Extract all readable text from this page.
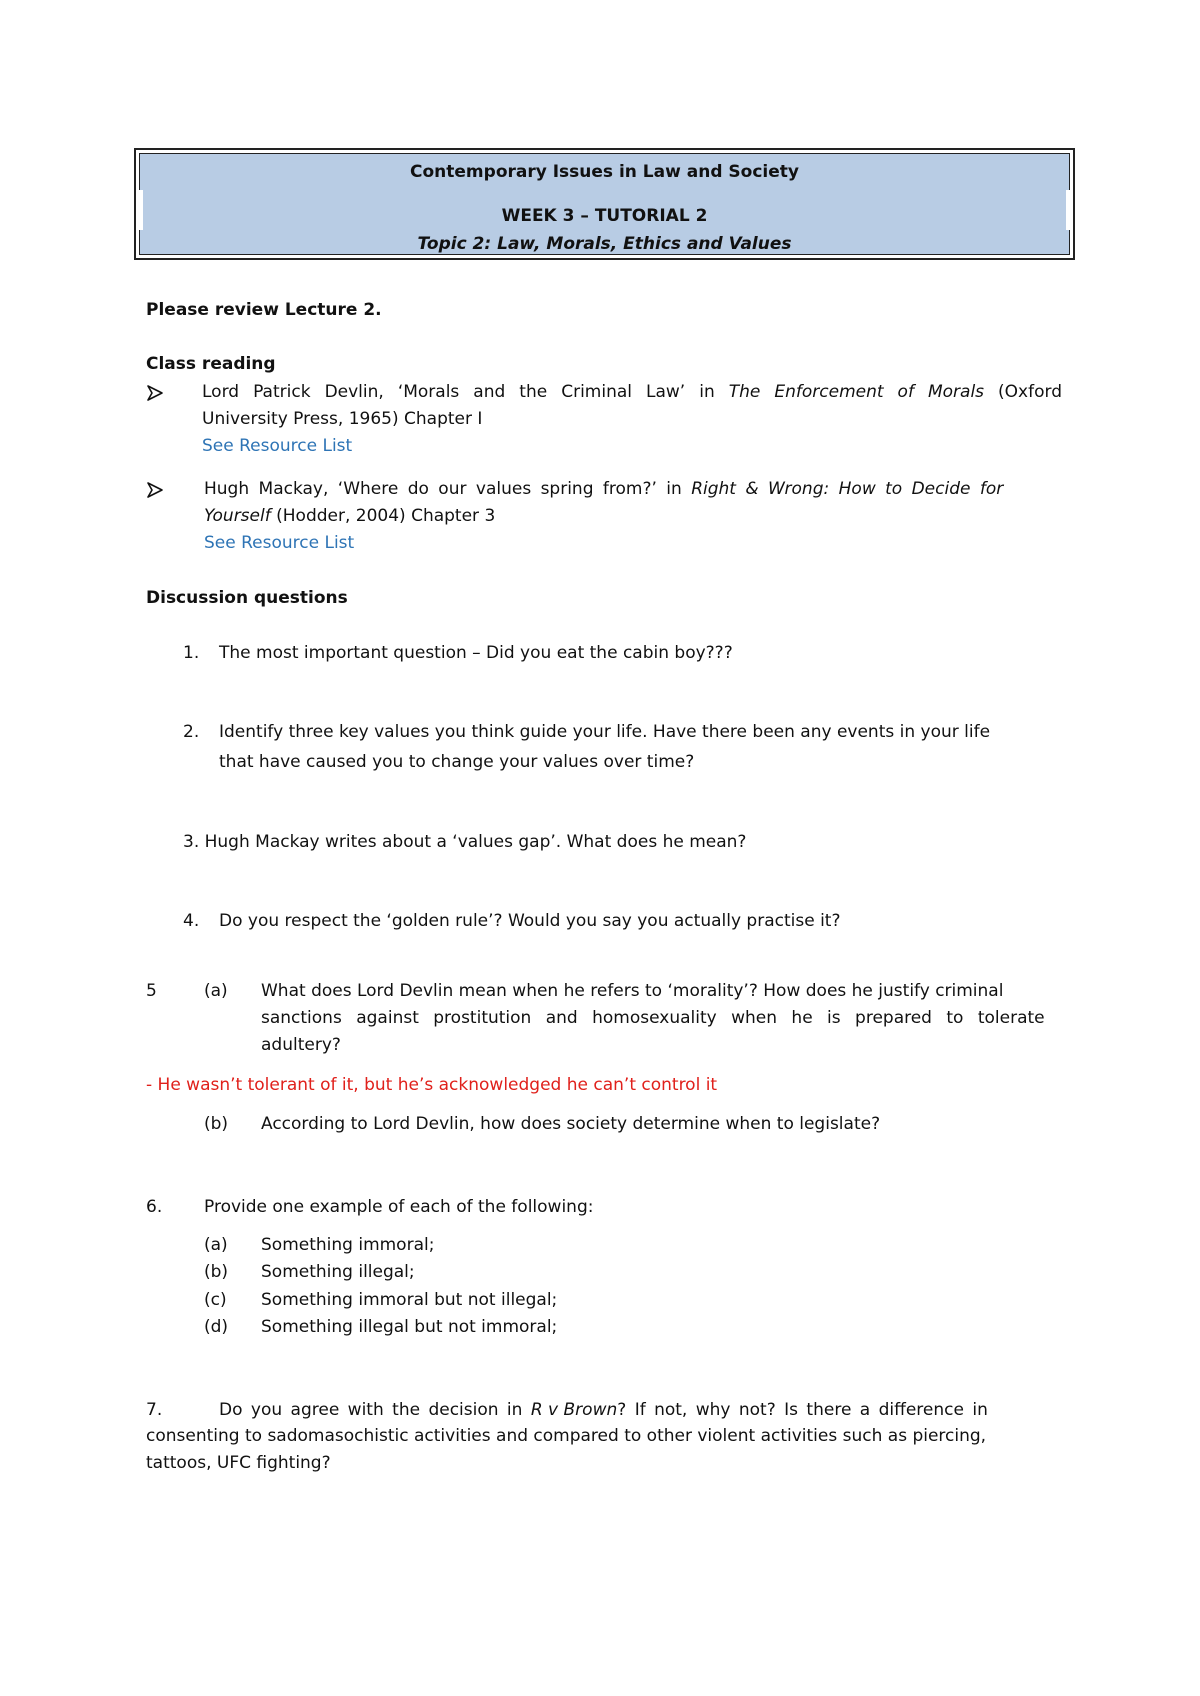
Contemporary Issues in Law and Society
WEEK 3 – TUTORIAL 2
Topic 2: Law, Morals, Ethics and Values
Please review Lecture 2.
Class reading
Lord Patrick Devlin, ‘Morals and the Criminal Law’ in The Enforcement of Morals (Oxford
University Press, 1965) Chapter I
See Resource List
Hugh Mackay, ‘Where do our values spring from?’ in Right & Wrong: How to Decide for
Yourself (Hodder, 2004) Chapter 3
See Resource List
Discussion questions
1. The most important question – Did you eat the cabin boy???
2. Identify three key values you think guide your life. Have there been any events in your life
that have caused you to change your values over time?
3. Hugh Mackay writes about a ‘values gap’. What does he mean?
4. Do you respect the ‘golden rule’? Would you say you actually practise it?
5	(a) What does Lord Devlin mean when he refers to ‘morality’? How does he justify criminal
sanctions against prostitution and homosexuality when he is prepared to tolerate
adultery?
- He wasn’t tolerant of it, but he’s acknowledged he can’t control it
(b) According to Lord Devlin, how does society determine when to legislate?
6. Provide one example of each of the following:
(a) Something immoral;
(b) Something illegal;
(c) Something immoral but not illegal;
(d) Something illegal but not immoral;
7.	Do you agree with the decision in R v Brown? If not, why not? Is there a difference in
consenting to sadomasochistic activities and compared to other violent activities such as piercing,
tattoos, UFC fighting?
